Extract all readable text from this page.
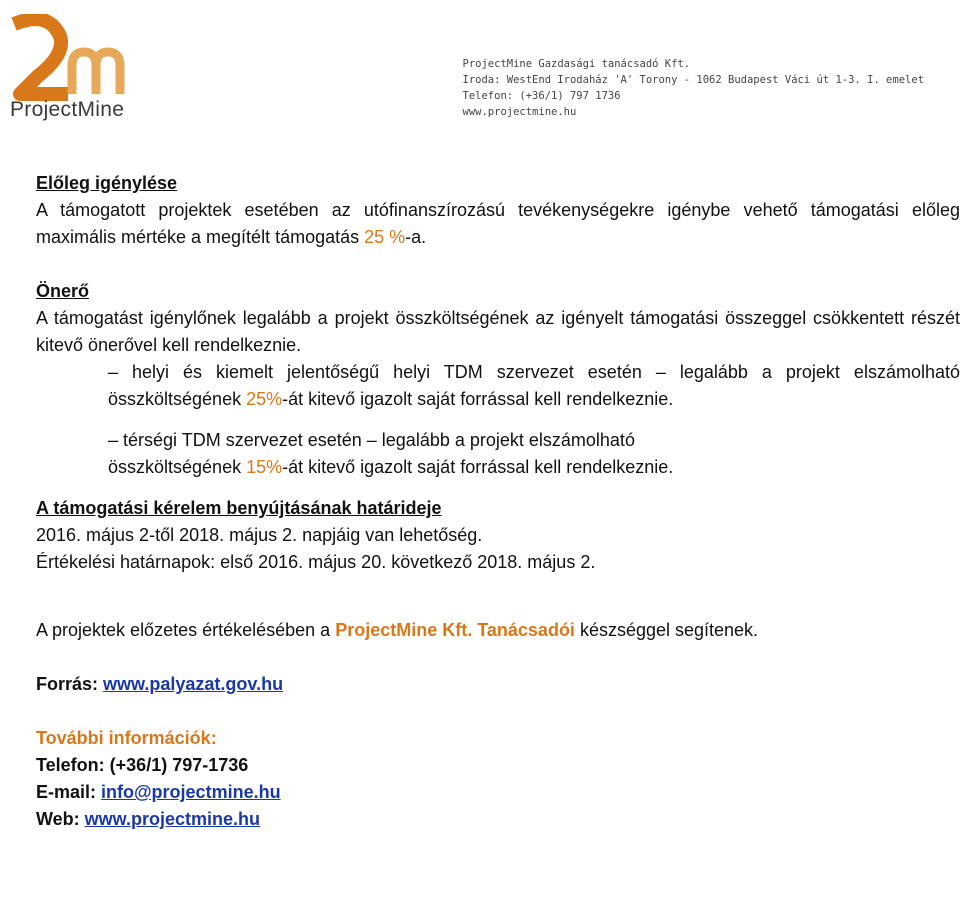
ProjectMine
ProjectMine Gazdasági tanácsadó Kft.
Iroda: WestEnd Irodaház 'A' Torony - 1062 Budapest Váci út 1-3. I. emelet
Telefon: (+36/1) 797 1736
www.projectmine.hu
Előleg igénylése

A támogatott projektek esetében az utófinanszírozású tevékenységekre igénybe vehető támogatási előleg maximális mértéke a megítélt támogatás 25 %-a.

Önerő

A támogatást igénylőnek legalább a projekt összköltségének az igényelt támogatási összeggel csökkentett részét kitevő önerővel kell rendelkeznie.

– helyi és kiemelt jelentőségű helyi TDM szervezet esetén – legalább a projekt elszámolható összköltségének 25%-át kitevő igazolt saját forrással kell rendelkeznie.

– térségi TDM szervezet esetén – legalább a projekt elszámolható
összköltségének 15%-át kitevő igazolt saját forrással kell rendelkeznie.

A támogatási kérelem benyújtásának határideje

2016. május 2-től 2018. május 2. napjáig van lehetőség.

Értékelési határnapok: első 2016. május 20. következő 2018. május 2.

A projektek előzetes értékelésében a ProjectMine Kft. Tanácsadói készséggel segítenek.

Forrás: www.palyazat.gov.hu

További információk:

Telefon: (+36/1) 797-1736

E-mail: info@projectmine.hu

Web: www.projectmine.hu
